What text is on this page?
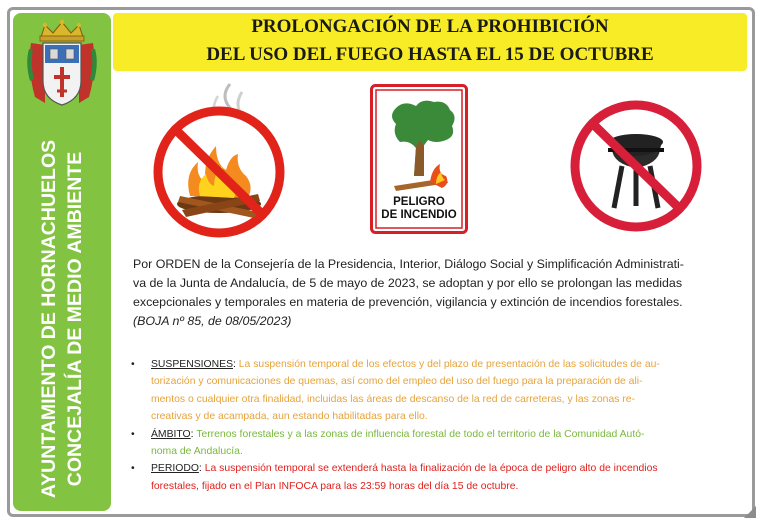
AYUNTAMIENTO DE HORNACHUELOS CONCEJALÍA DE MEDIO AMBIENTE
PROLONGACIÓN DE LA PROHIBICIÓN
DEL USO DEL FUEGO HASTA EL 15 DE OCTUBRE
PELIGRO
DE INCENDIO
Por ORDEN de la Consejería de la Presidencia, Interior, Diálogo Social y Simplificación Administrati-
va de la Junta de Andalucía, de 5 de mayo de 2023, se adoptan y por ello se prolongan las medidas
excepcionales y temporales en materia de prevención, vigilancia y extinción de incendios forestales.
(BOJA nº 85, de 08/05/2023)
• SUSPENSIONES: La suspensión temporal de los efectos y del plazo de presentación de las solicitudes de au-
torización y comunicaciones de quemas, así como del empleo del uso del fuego para la preparación de ali-
mentos o cualquier otra finalidad, incluidas las áreas de descanso de la red de carreteras, y las zonas re-
creativas y de acampada, aun estando habilitadas para ello.
• ÁMBITO: Terrenos forestales y a las zonas de influencia forestal de todo el territorio de la Comunidad Autó-
noma de Andalucía.
• PERIODO: La suspensión temporal se extenderá hasta la finalización de la época de peligro alto de incendios
forestales, fijado en el Plan INFOCA para las 23:59 horas del día 15 de octubre.
